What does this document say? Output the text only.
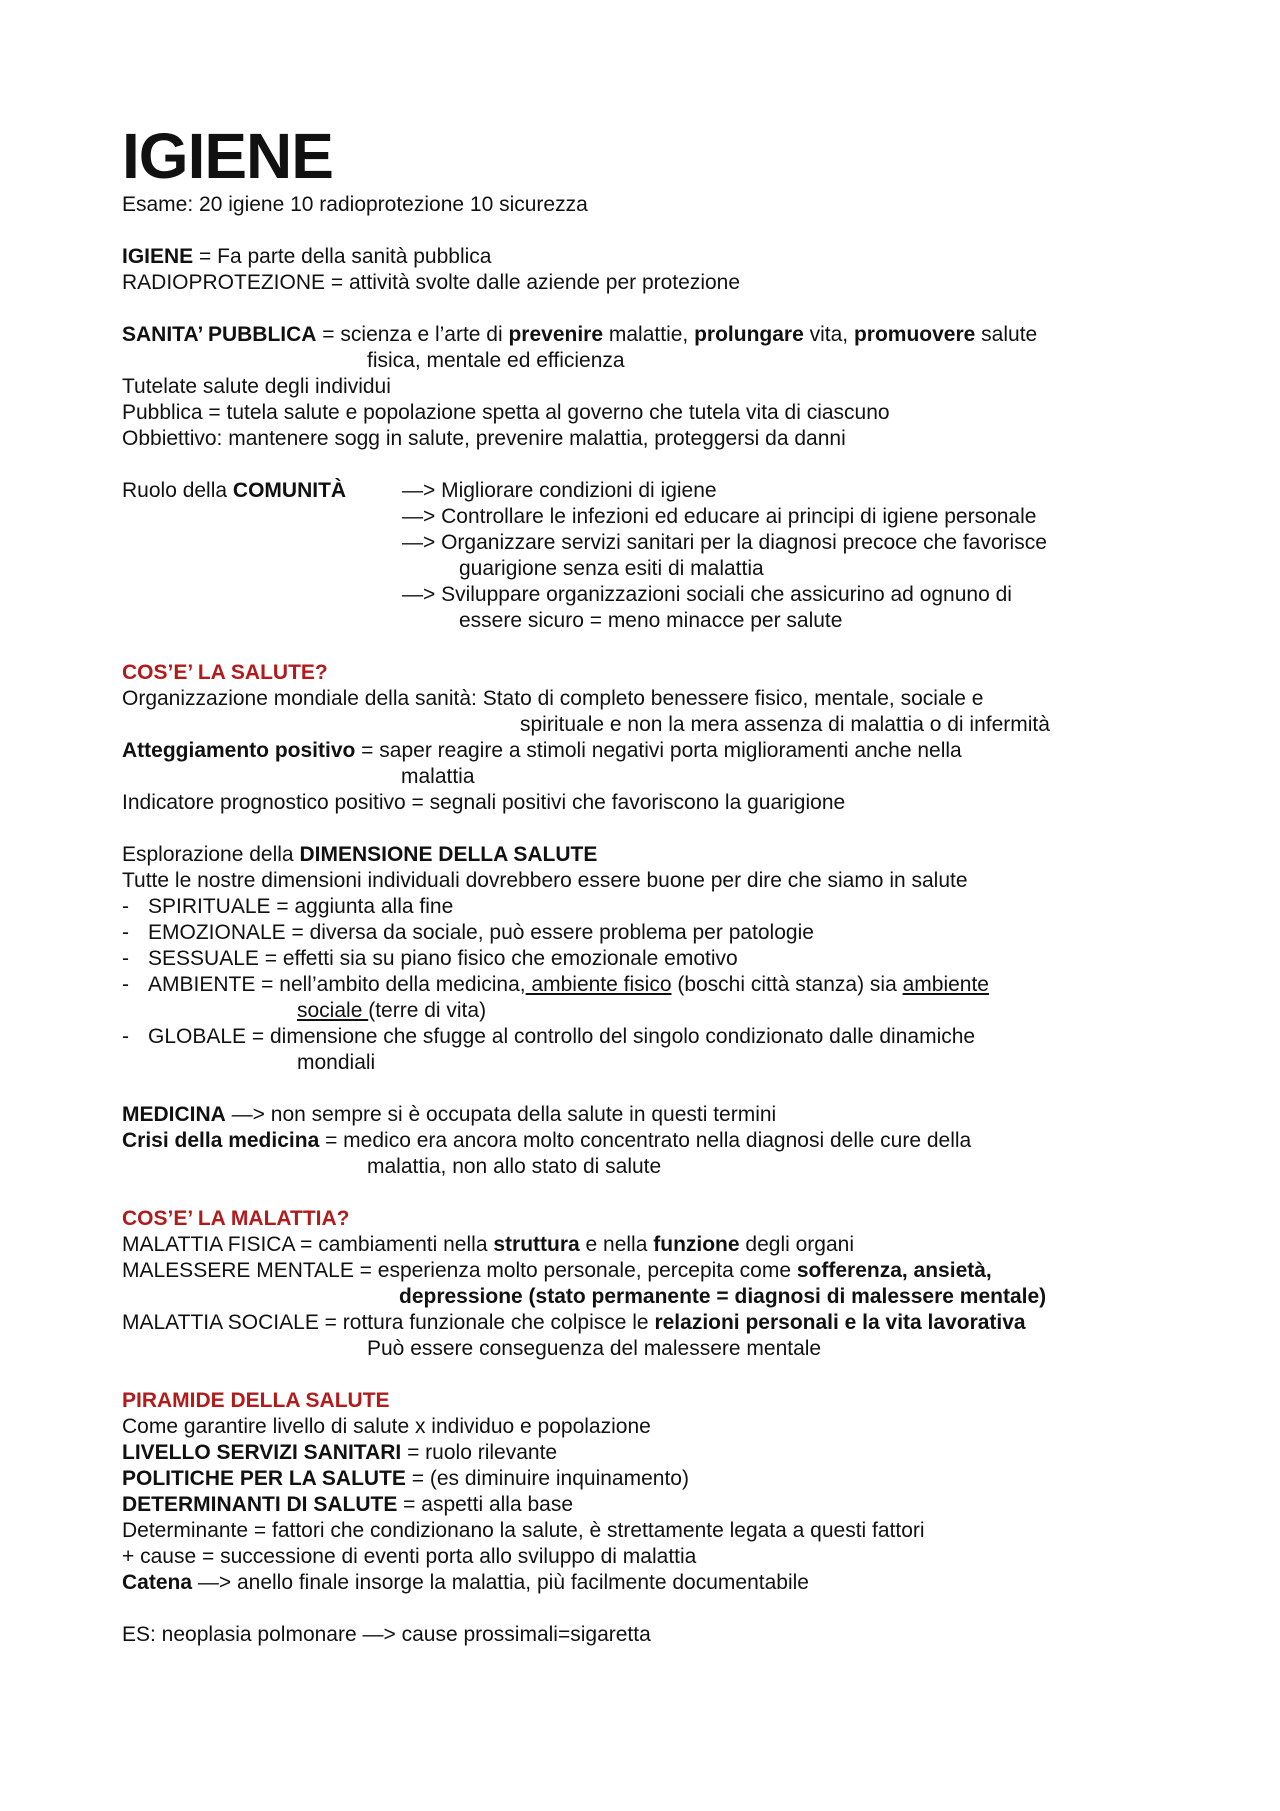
IGIENE

Esame: 20 igiene 10 radioprotezione 10 sicurezza

IGIENE = Fa parte della sanità pubblica

RADIOPROTEZIONE = attività svolte dalle aziende per protezione

SANITA’ PUBBLICA = scienza e l’arte di prevenire malattie, prolungare vita, promuovere salute

fisica, mentale ed efficienza

Tutelate salute degli individui

Pubblica = tutela salute e popolazione spetta al governo che tutela vita di ciascuno

Obbiettivo: mantenere sogg in salute, prevenire malattia, proteggersi da danni

Ruolo della COMUNITÀ	—> Migliorare condizioni di igiene

—> Controllare le infezioni ed educare ai principi di igiene personale

—> Organizzare servizi sanitari per la diagnosi precoce che favorisce

guarigione senza esiti di malattia

—> Sviluppare organizzazioni sociali che assicurino ad ognuno di

essere sicuro = meno minacce per salute

COS’E’ LA SALUTE?

Organizzazione mondiale della sanità: Stato di completo benessere fisico, mentale, sociale e

spirituale e non la mera assenza di malattia o di infermità

Atteggiamento positivo = saper reagire a stimoli negativi porta miglioramenti anche nella

malattia

Indicatore prognostico positivo = segnali positivi che favoriscono la guarigione

Esplorazione della DIMENSIONE DELLA SALUTE

Tutte le nostre dimensioni individuali dovrebbero essere buone per dire che siamo in salute

- SPIRITUALE = aggiunta alla fine
- EMOZIONALE = diversa da sociale, può essere problema per patologie
- SESSUALE = effetti sia su piano fisico che emozionale emotivo
- AMBIENTE = nell’ambito della medicina, ambiente fisico (boschi città stanza) sia ambiente

sociale (terre di vita)

- GLOBALE = dimensione che sfugge al controllo del singolo condizionato dalle dinamiche

mondiali

MEDICINA —> non sempre si è occupata della salute in questi termini

Crisi della medicina = medico era ancora molto concentrato nella diagnosi delle cure della

malattia, non allo stato di salute

COS’E’ LA MALATTIA?

MALATTIA FISICA = cambiamenti nella struttura e nella funzione degli organi

MALESSERE MENTALE = esperienza molto personale, percepita come sofferenza, ansietà,

depressione (stato permanente = diagnosi di malessere mentale)

MALATTIA SOCIALE = rottura funzionale che colpisce le relazioni personali e la vita lavorativa

Può essere conseguenza del malessere mentale

PIRAMIDE DELLA SALUTE

Come garantire livello di salute x individuo e popolazione

LIVELLO SERVIZI SANITARI = ruolo rilevante

POLITICHE PER LA SALUTE = (es diminuire inquinamento)

DETERMINANTI DI SALUTE = aspetti alla base

Determinante = fattori che condizionano la salute, è strettamente legata a questi fattori

+ cause = successione di eventi porta allo sviluppo di malattia

Catena —> anello finale insorge la malattia, più facilmente documentabile

ES: neoplasia polmonare —> cause prossimali=sigaretta
